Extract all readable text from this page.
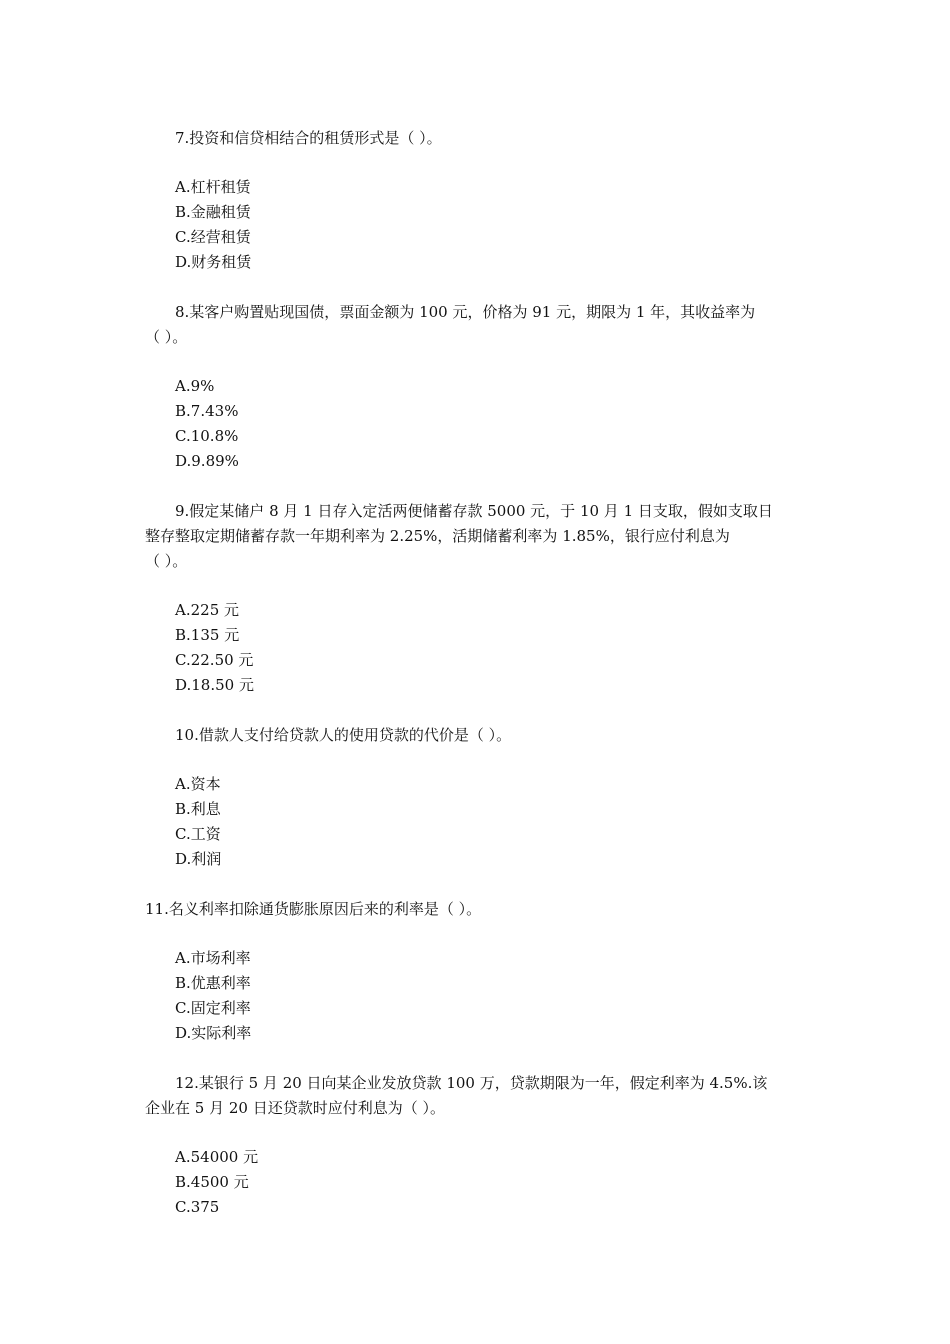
7.投资和信贷相结合的租赁形式是（ ）。
A.杠杆租赁
B.金融租赁
C.经营租赁
D.财务租赁
8.某客户购置贴现国债，票面金额为 100 元，价格为 91 元，期限为 1 年，其收益率为
（ ）。
A.9%
B.7.43%
C.10.8%
D.9.89%
9.假定某储户 8 月 1 日存入定活两便储蓄存款 5000 元，于 10 月 1 日支取，假如支取日
整存整取定期储蓄存款一年期利率为 2.25%，活期储蓄利率为 1.85%，银行应付利息为
（ ）。
A.225 元
B.135 元
C.22.50 元
D.18.50 元
10.借款人支付给贷款人的使用贷款的代价是（ ）。
A.资本
B.利息
C.工资
D.利润
11.名义利率扣除通货膨胀原因后来的利率是（ ）。
A.市场利率
B.优惠利率
C.固定利率
D.实际利率
12.某银行 5 月 20 日向某企业发放贷款 100 万，贷款期限为一年，假定利率为 4.5%.该
企业在 5 月 20 日还贷款时应付利息为（ ）。
A.54000 元
B.4500 元
C.375
